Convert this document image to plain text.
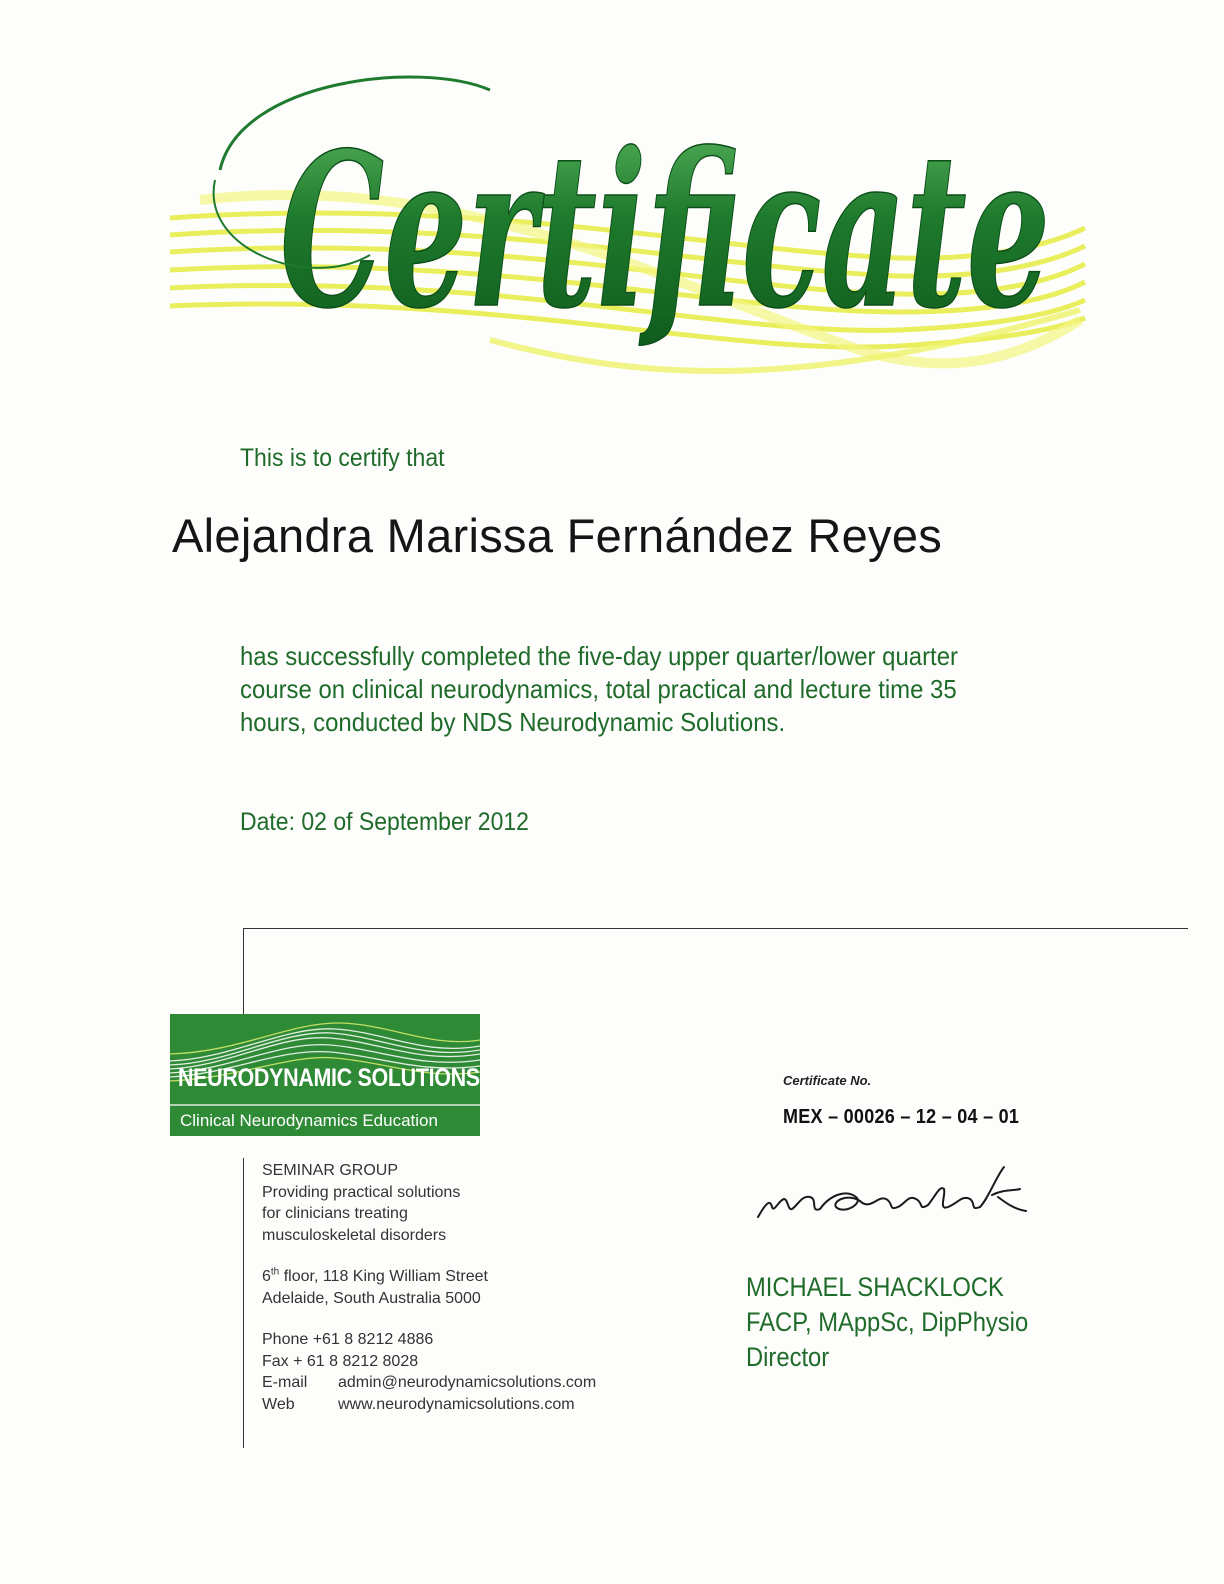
Certificate
This is to certify that
Alejandra Marissa Fernández Reyes
has successfully completed the five-day upper quarter/lower quarter
course on clinical neurodynamics, total practical and lecture time 35
hours, conducted by NDS Neurodynamic Solutions.
Date: 02 of September 2012
NEURODYNAMIC SOLUTIONS
Clinical Neurodynamics Education
SEMINAR GROUP
Providing practical solutions
for clinicians treating
musculoskeletal disorders
6th floor, 118 King William Street
Adelaide, South Australia 5000
Phone +61 8 8212 4886
Fax + 61 8 8212 8028
E-mail admin@neurodynamicsolutions.com
Web	www.neurodynamicsolutions.com
Certificate No.
MEX – 00026 – 12 – 04 – 01
MICHAEL SHACKLOCK
FACP, MAppSc, DipPhysio
Director
